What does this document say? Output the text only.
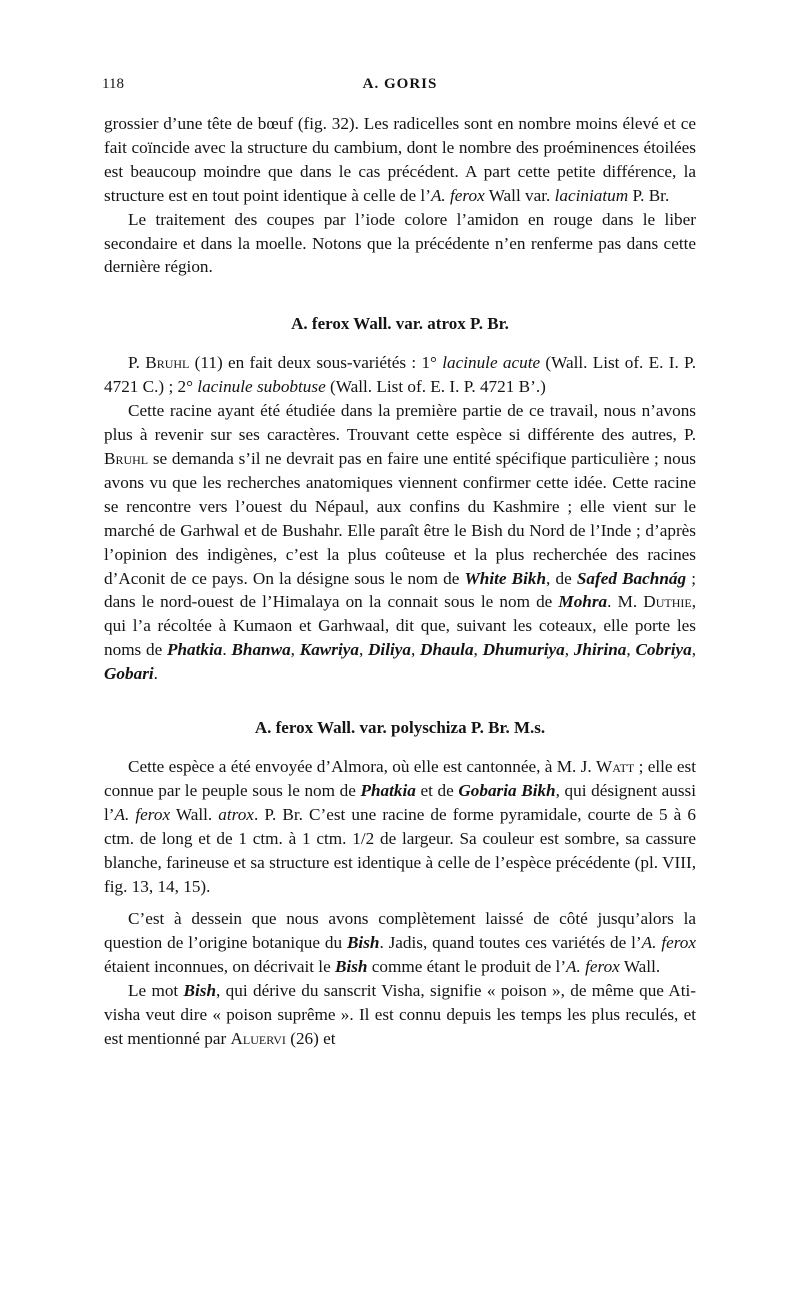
118	A. GORIS

grossier d’une tête de bœuf (fig. 32). Les radicelles sont en nombre moins élevé et ce fait coïncide avec la structure du cambium, dont le nombre des proéminences étoilées est beaucoup moindre que dans le cas précédent. A part cette petite différence, la structure est en tout point identique à celle de l’A. ferox Wall var. laciniatum P. Br.

Le traitement des coupes par l’iode colore l’amidon en rouge dans le liber secondaire et dans la moelle. Notons que la précédente n’en renferme pas dans cette dernière région.

A. ferox Wall. var. atrox P. Br.

P. Bruhl (11) en fait deux sous-variétés : 1° lacinule acute (Wall. List of. E. I. P. 4721 C.) ; 2° lacinule subobtuse (Wall. List of. E. I. P. 4721 B’.)

Cette racine ayant été étudiée dans la première partie de ce travail, nous n’avons plus à revenir sur ses caractères. Trouvant cette espèce si différente des autres, P. Bruhl se demanda s’il ne devrait pas en faire une entité spécifique particulière ; nous avons vu que les recherches anatomiques viennent confirmer cette idée. Cette racine se rencontre vers l’ouest du Népaul, aux confins du Kashmire ; elle vient sur le marché de Garhwal et de Bushahr. Elle paraît être le Bish du Nord de l’Inde ; d’après l’opinion des indigènes, c’est la plus coûteuse et la plus recherchée des racines d’Aconit de ce pays. On la désigne sous le nom de White Bikh, de Safed Bachnág ; dans le nord-ouest de l’Himalaya on la connait sous le nom de Mohra. M. Duthie, qui l’a récoltée à Kumaon et Garhwaal, dit que, suivant les coteaux, elle porte les noms de Phatkia. Bhanwa, Kawriya, Diliya, Dhaula, Dhumuriya, Jhirina, Cobriya, Gobari.

A. ferox Wall. var. polyschiza P. Br. M.s.

Cette espèce a été envoyée d’Almora, où elle est cantonnée, à M. J. Watt ; elle est connue par le peuple sous le nom de Phatkia et de Gobaria Bikh, qui désignent aussi l’A. ferox Wall. atrox. P. Br. C’est une racine de forme pyramidale, courte de 5 à 6 ctm. de long et de 1 ctm. à 1 ctm. 1/2 de largeur. Sa couleur est sombre, sa cassure blanche, farineuse et sa structure est identique à celle de l’espèce précédente (pl. VIII, fig. 13, 14, 15).

C’est à dessein que nous avons complètement laissé de côté jusqu’alors la question de l’origine botanique du Bish. Jadis, quand toutes ces variétés de l’A. ferox étaient inconnues, on décrivait le Bish comme étant le produit de l’A. ferox Wall.

Le mot Bish, qui dérive du sanscrit Visha, signifie « poison », de même que Ati-visha veut dire « poison suprême ». Il est connu depuis les temps les plus reculés, et est mentionné par Aluervi (26) et
